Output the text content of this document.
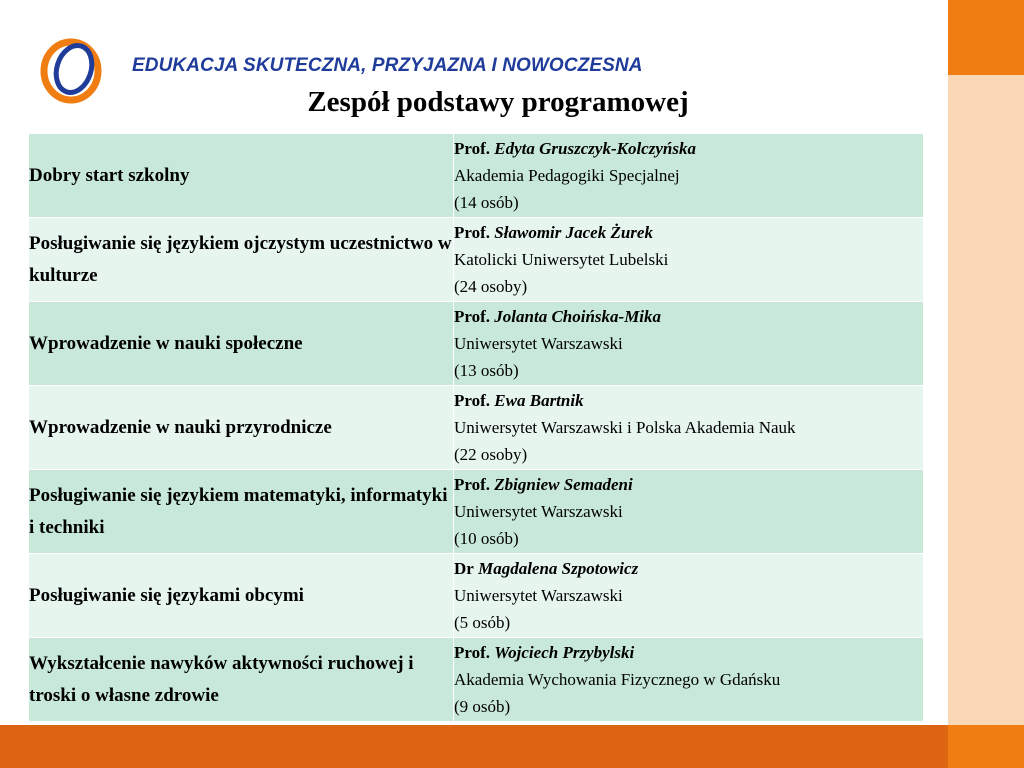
EDUKACJA SKUTECZNA, PRZYJAZNA I NOWOCZESNA
Zespół podstawy programowej
Dobry start szkolny	Prof. Edyta Gruszczyk-Kolczyńska
Akademia Pedagogiki Specjalnej
(14 osób)

Posługiwanie się językiem ojczystym uczestnictwo w kulturze	Prof. Sławomir Jacek Żurek
Katolicki Uniwersytet Lubelski
(24 osoby)

Wprowadzenie w nauki społeczne	Prof. Jolanta Choińska-Mika
Uniwersytet Warszawski
(13 osób)

Wprowadzenie w nauki przyrodnicze	Prof. Ewa Bartnik
Uniwersytet Warszawski i Polska Akademia Nauk
(22 osoby)

Posługiwanie się językiem matematyki, informatyki i techniki	Prof. Zbigniew Semadeni
Uniwersytet Warszawski
(10 osób)

Posługiwanie się językami obcymi	Dr Magdalena Szpotowicz
Uniwersytet Warszawski
(5 osób)

Wykształcenie nawyków aktywności ruchowej i troski o własne zdrowie	Prof. Wojciech Przybylski
Akademia Wychowania Fizycznego w Gdańsku
(9 osób)
